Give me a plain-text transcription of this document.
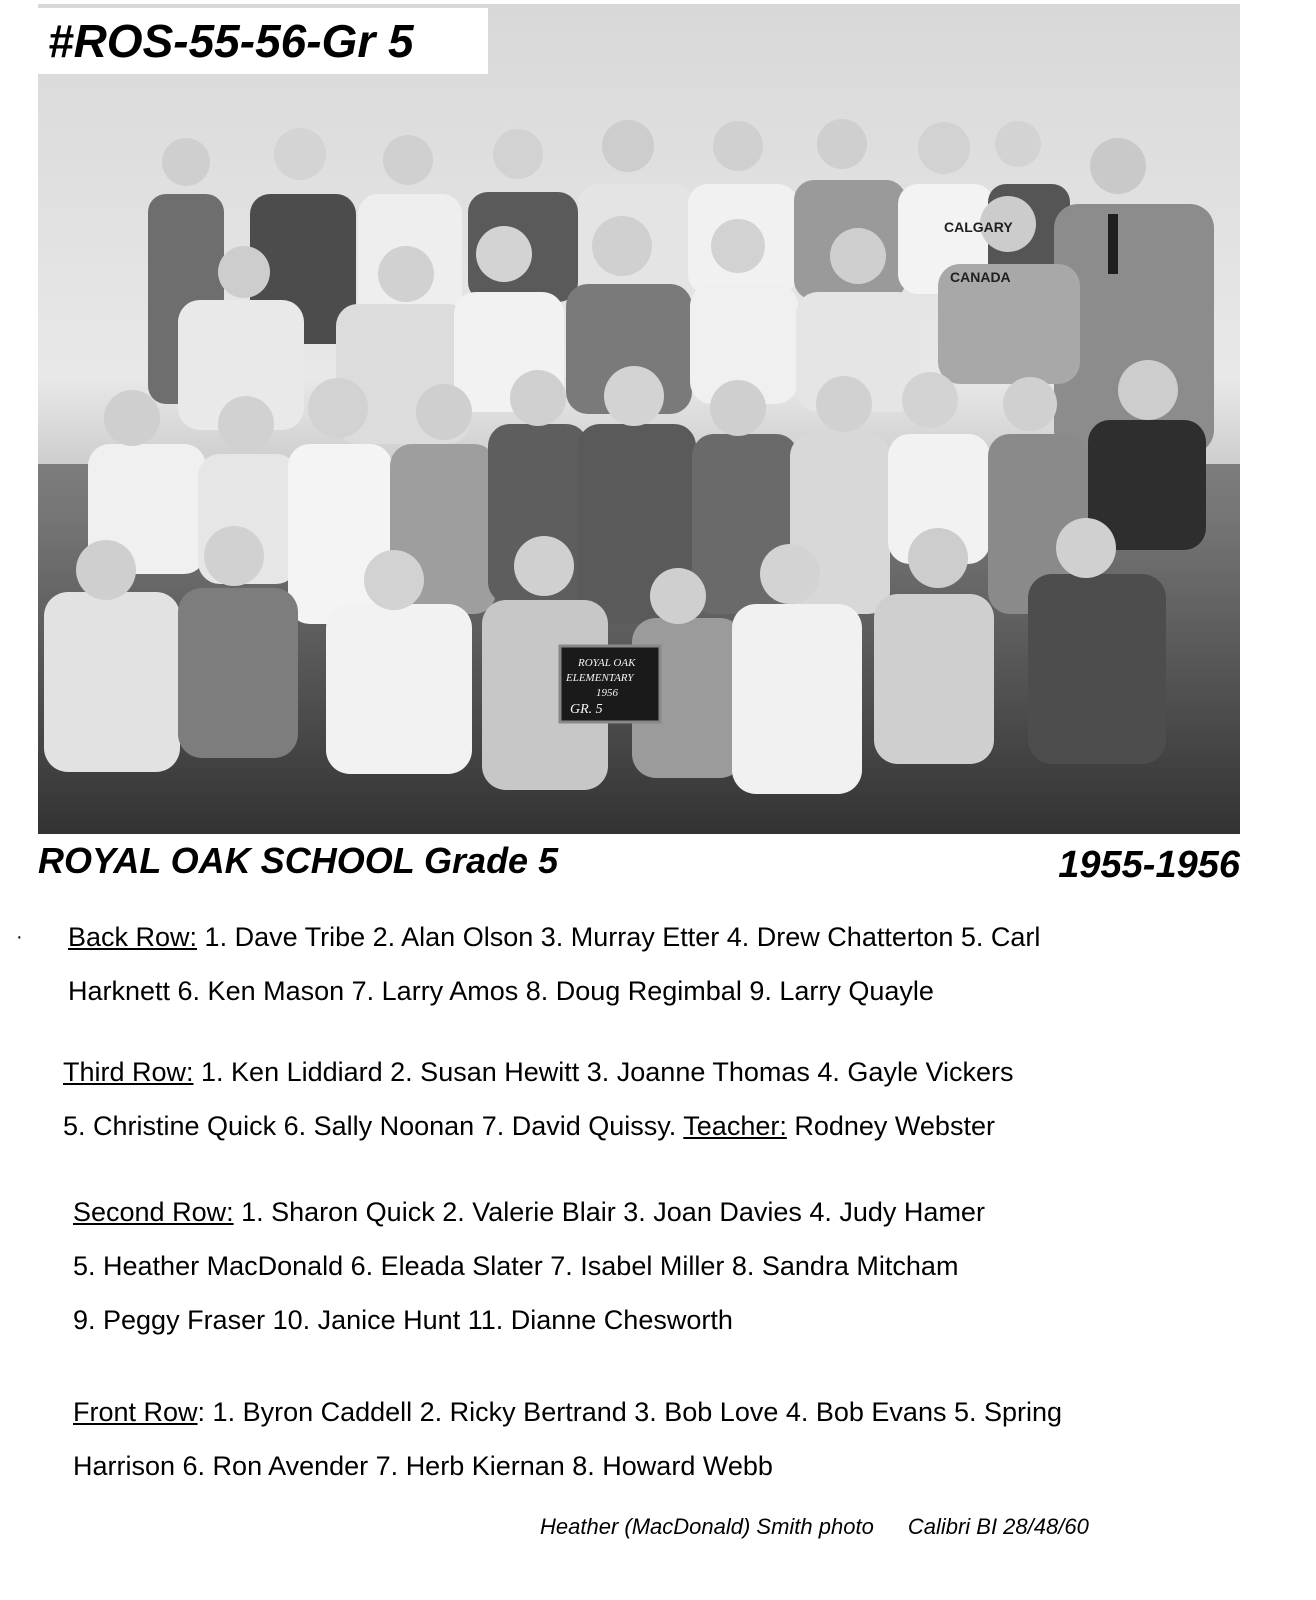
#ROS-55-56-Gr 5
CALGARY
CANADA
ROYAL OAK
ELEMENTARY
1956
GR. 5
ROYAL OAK SCHOOL Grade 5	1955-1956
· Back Row: 1. Dave Tribe 2. Alan Olson 3. Murray Etter 4. Drew Chatterton 5. Carl
Harknett 6. Ken Mason 7. Larry Amos 8. Doug Regimbal 9. Larry Quayle
Third Row: 1. Ken Liddiard 2. Susan Hewitt 3. Joanne Thomas 4. Gayle Vickers
5. Christine Quick 6. Sally Noonan 7. David Quissy. Teacher: Rodney Webster
Second Row: 1. Sharon Quick 2. Valerie Blair 3. Joan Davies 4. Judy Hamer
5. Heather MacDonald 6. Eleada Slater 7. Isabel Miller 8. Sandra Mitcham
9. Peggy Fraser 10. Janice Hunt 11. Dianne Chesworth
Front Row: 1. Byron Caddell 2. Ricky Bertrand 3. Bob Love 4. Bob Evans 5. Spring
Harrison 6. Ron Avender 7. Herb Kiernan 8. Howard Webb
Heather (MacDonald) Smith photo Calibri BI 28/48/60
